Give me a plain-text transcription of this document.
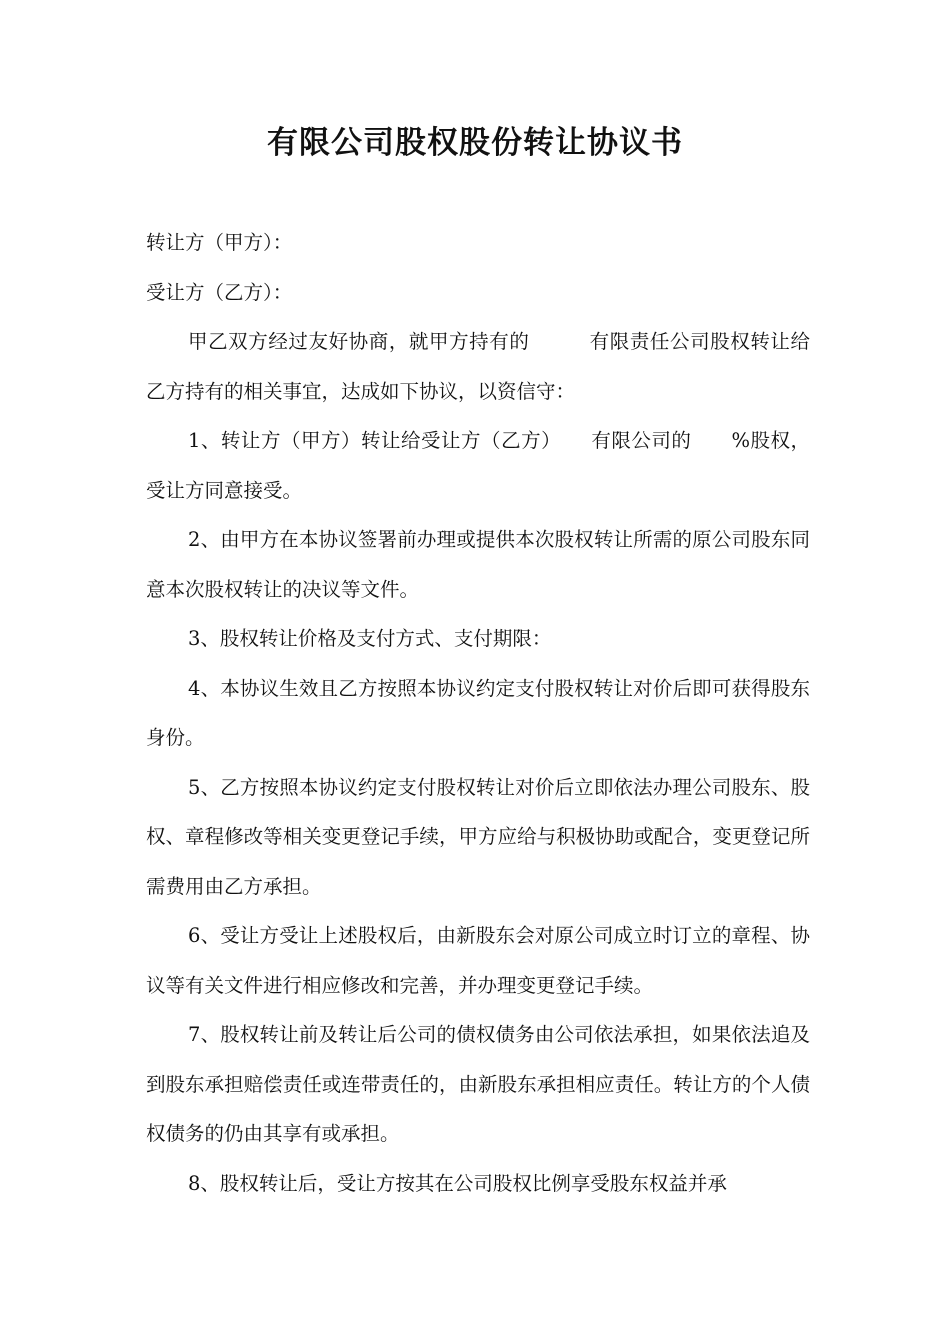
有限公司股权股份转让协议书

转让方（甲方）：

受让方（乙方）：

甲乙双方经过友好协商，就甲方持有的　　　有限责任公司股权转让给乙方持有的相关事宜，达成如下协议，以资信守：

1、转让方（甲方）转让给受让方（乙方）　　有限公司的　　%股权，受让方同意接受。

2、由甲方在本协议签署前办理或提供本次股权转让所需的原公司股东同意本次股权转让的决议等文件。

3、股权转让价格及支付方式、支付期限：

4、本协议生效且乙方按照本协议约定支付股权转让对价后即可获得股东身份。

5、乙方按照本协议约定支付股权转让对价后立即依法办理公司股东、股权、章程修改等相关变更登记手续，甲方应给与积极协助或配合，变更登记所需费用由乙方承担。

6、受让方受让上述股权后，由新股东会对原公司成立时订立的章程、协议等有关文件进行相应修改和完善，并办理变更登记手续。

7、股权转让前及转让后公司的债权债务由公司依法承担，如果依法追及到股东承担赔偿责任或连带责任的，由新股东承担相应责任。转让方的个人债权债务的仍由其享有或承担。

8、股权转让后，受让方按其在公司股权比例享受股东权益并承
